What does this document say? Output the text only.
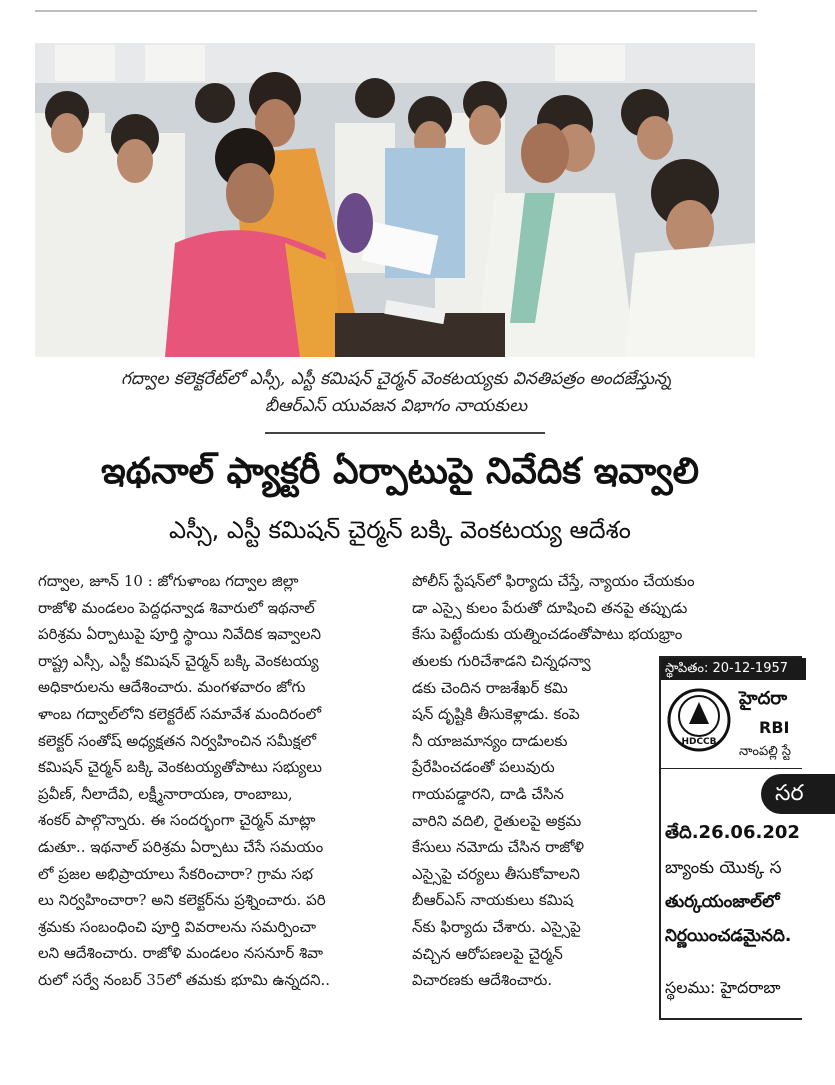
గద్వాల కలెక్టరేట్‌లో ఎస్సీ, ఎస్టీ కమిషన్ చైర్మన్ వెంకటయ్యకు వినతిపత్రం అందజేస్తున్న
బీఆర్ఎస్ యువజన విభాగం నాయకులు
ఇథనాల్ ఫ్యాక్టరీ ఏర్పాటుపై నివేదిక ఇవ్వాలి
ఎస్సీ, ఎస్టీ కమిషన్ చైర్మన్ బక్కి వెంకటయ్య ఆదేశం

గద్వాల, జూన్ 10 : జోగుళాంబ గద్వాల జిల్లా

రాజోళి మండలం పెద్దధన్వాడ శివారులో ఇథనాల్

పరిశ్రమ ఏర్పాటుపై పూర్తి స్థాయి నివేదిక ఇవ్వాలని

రాష్ట్ర ఎస్సీ, ఎస్టీ కమిషన్ చైర్మన్ బక్కి వెంకటయ్య

అధికారులను ఆదేశించారు. మంగళవారం జోగు

ళాంబ గద్వాల్‌లోని కలెక్టరేట్ సమావేశ మందిరంలో

కలెక్టర్ సంతోష్ అధ్యక్షతన నిర్వహించిన సమీక్షలో

కమిషన్ చైర్మన్ బక్కి వెంకటయ్యతోపాటు సభ్యులు

ప్రవీణ్, నీలాదేవి, లక్ష్మీనారాయణ, రాంబాబు,

శంకర్ పాల్గొన్నారు. ఈ సందర్భంగా చైర్మన్ మాట్లా

డుతూ.. ఇథనాల్ పరిశ్రమ ఏర్పాటు చేసే సమయం

లో ప్రజల అభిప్రాయాలు సేకరించారా? గ్రామ సభ

లు నిర్వహించారా? అని కలెక్టర్‌ను ప్రశ్నించారు. పరి

శ్రమకు సంబంధించి పూర్తి వివరాలను సమర్పించా

లని ఆదేశించారు. రాజోళి మండలం నసనూర్ శివా

రులో సర్వే నంబర్ 35లో తమకు భూమి ఉన్నదని..

పోలీస్ స్టేషన్‌లో ఫిర్యాదు చేస్తే, న్యాయం చేయకుం

డా ఎస్సై కులం పేరుతో దూషించి తనపై తప్పుడు

కేసు పెట్టేందుకు యత్నించడంతోపాటు భయభ్రాం

తులకు గురిచేశాడని చిన్నధన్వా

డకు చెందిన రాజశేఖర్ కమి

షన్ దృష్టికి తీసుకెళ్లాడు. కంపె

నీ యాజమాన్యం దాడులకు

ప్రేరేపించడంతో పలువురు

గాయపడ్డారని, దాడి చేసిన

వారిని వదిలి, రైతులపై అక్రమ

కేసులు నమోదు చేసిన రాజోళి

ఎస్సైపై చర్యలు తీసుకోవాలని

బీఆర్ఎస్ నాయకులు కమిష

న్‌కు ఫిర్యాదు చేశారు. ఎస్సైపై

వచ్చిన ఆరోపణలపై చైర్మన్

విచారణకు ఆదేశించారు.

స్థాపితం: 20-12-1957
HDCCB
హైదరా
RBI
నాంపల్లి స్టే
సర
తేది.26.06.202
బ్యాంకు యొక్క స
తుర్కయంజాల్‌లో
నిర్ణయించడమైనది.
స్థలము: హైదరాబా
